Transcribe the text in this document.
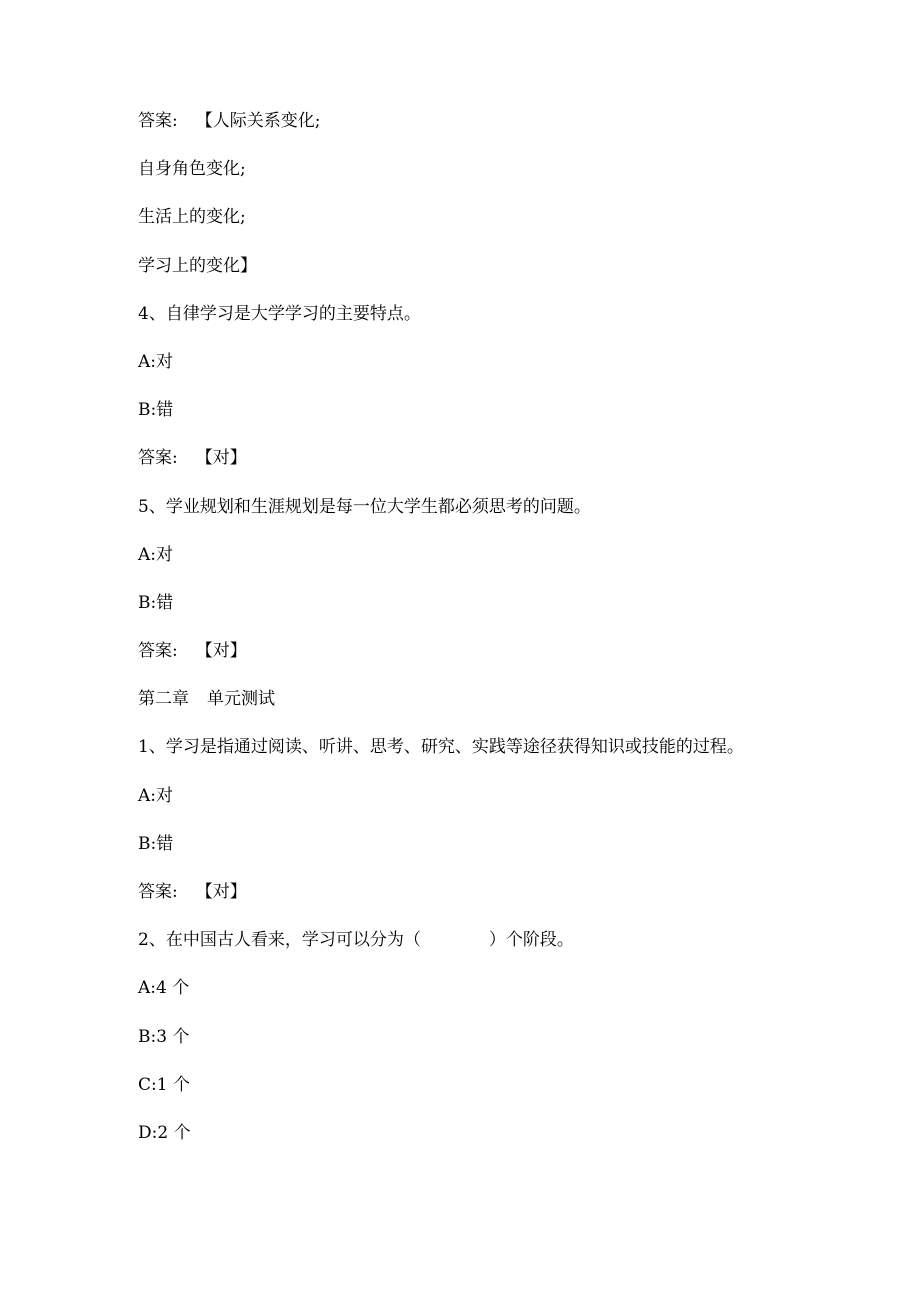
答案: 【人际关系变化;
自身角色变化;
生活上的变化;
学习上的变化】
4、自律学习是大学学习的主要特点。
A:对
B:错
答案: 【对】
5、学业规划和生涯规划是每一位大学生都必须思考的问题。
A:对
B:错
答案: 【对】
第二章 单元测试
1、学习是指通过阅读、听讲、思考、研究、实践等途径获得知识或技能的过程。
A:对
B:错
答案: 【对】
2、在中国古人看来，学习可以分为（　　　　）个阶段。
A:4 个
B:3 个
C:1 个
D:2 个
